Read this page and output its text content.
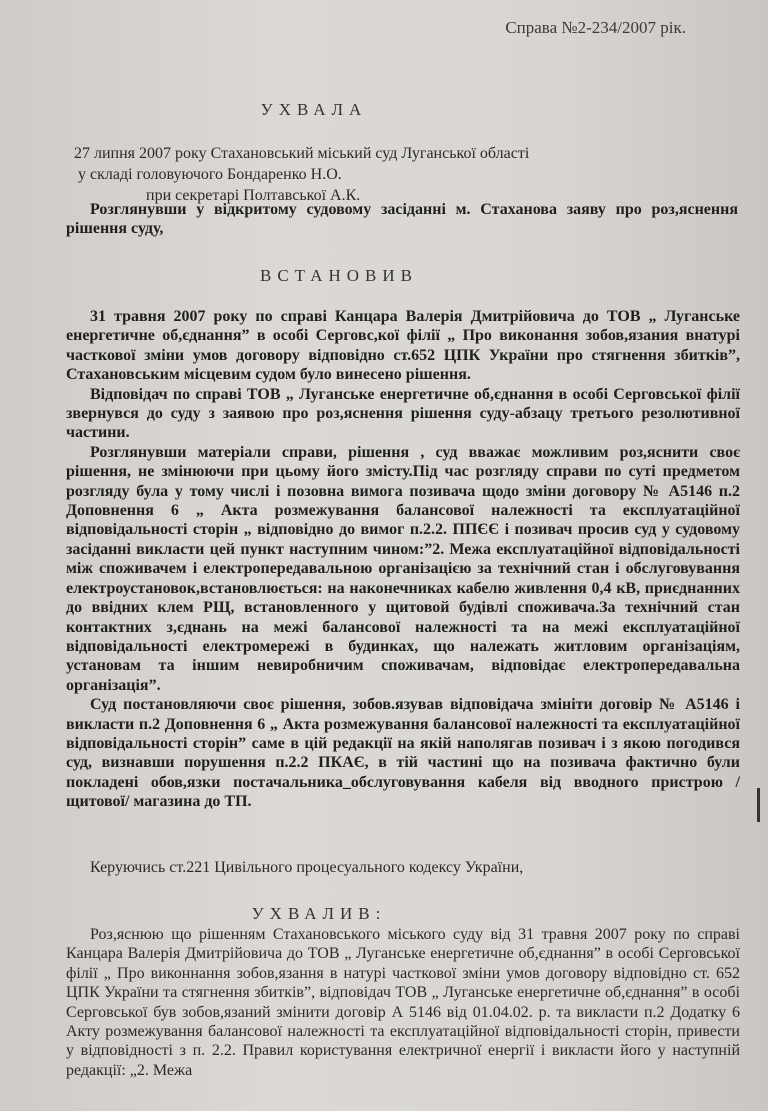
Справа №2-234/2007 рік.
УХВАЛА
27 липня 2007 року Стахановський міський суд Луганської області
у складі головуючого Бондаренко Н.О.
при секретарі Полтавської А.К.

Розглянувши у відкритому судовому засіданні м. Стаханова заяву про роз,яснення рішення суду,

ВСТАНОВИВ

31 травня 2007 року по справі Канцара Валерія Дмитрійовича до ТОВ „ Луганське енергетичне об,єднання” в особі Серговс,кої філії „ Про виконання зобов,язания внатурі часткової зміни умов договору відповідно ст.652 ЦПК України про стягнення збитків”, Стахановським місцевим судом було винесено рішення.

Відповідач по справі ТОВ „ Луганське енергетичне об,єднання в особі Серговської філії звернувся до суду з заявою про роз,яснення рішення суду-абзацу третього резолютивної частини.

Розглянувши матеріали справи, рішення , суд вважає можливим роз,яснити своє рішення, не змінюючи при цьому його змісту.Під час розгляду справи по суті предметом розгляду була у тому числі і позовна вимога позивача щодо зміни договору № А5146 п.2 Доповнення 6 „ Акта розмежування балансової належності та експлуатаційної відповідальності сторін „ відповідно до вимог п.2.2. ППЄЄ і позивач просив суд у судовому засіданні викласти цей пункт наступним чином:”2. Межа експлуатаційної відповідальності між споживачем і електропередавальною організацією за технічний стан і обслуговування електроустановок,встановлюється: на наконечниках кабелю живлення 0,4 кВ, приєднанних до ввідних клем РЩ, встановленного у щитовой будівлі споживача.За технічний стан контактних з,єднань на межі балансової належності та на межі експлуатаційної відповідальності електромережі в будинках, що належать житловим організаціям, установам та іншим невиробничим споживачам, відповідає електропередавальна організація”.

Суд постановляючи своє рішення, зобов.язував відповідача змініти договір № А5146 і викласти п.2 Доповнення 6 „ Акта розмежування балансової належності та експлуатаційної відповідальності сторін” саме в цій редакції на якій наполягав позивач і з якою погодився суд, визнавши порушення п.2.2 ПКАЄ, в тій частині що на позивача фактично були покладені обов,язки постачальника_обслуговування кабеля від вводного пристрою /щитової/ магазина до ТП.

Керуючись ст.221 Цивільного процесуального кодексу України,

УХВАЛИВ:

Роз,яснюю що рішенням Стахановського міського суду від 31 травня 2007 року по справі Канцара Валерія Дмитрійовича до ТОВ „ Луганське енергетичне об,єднання” в особі Серговської філії „ Про виконнання зобов,язання в натурі часткової зміни умов договору відповідно ст. 652 ЦПК України та стягнення збитків”, відповідач ТОВ „ Луганське енергетичне об,єднання” в особі Серговської був зобов,язаний змінити договір А 5146 від 01.04.02. р. та викласти п.2 Додатку 6 Акту розмежування балансової належності та експлуатаційної відповідальності сторін, привести у відповідності з п. 2.2. Правил користування електричної енергії і викласти його у наступній редакції: „2. Межа
